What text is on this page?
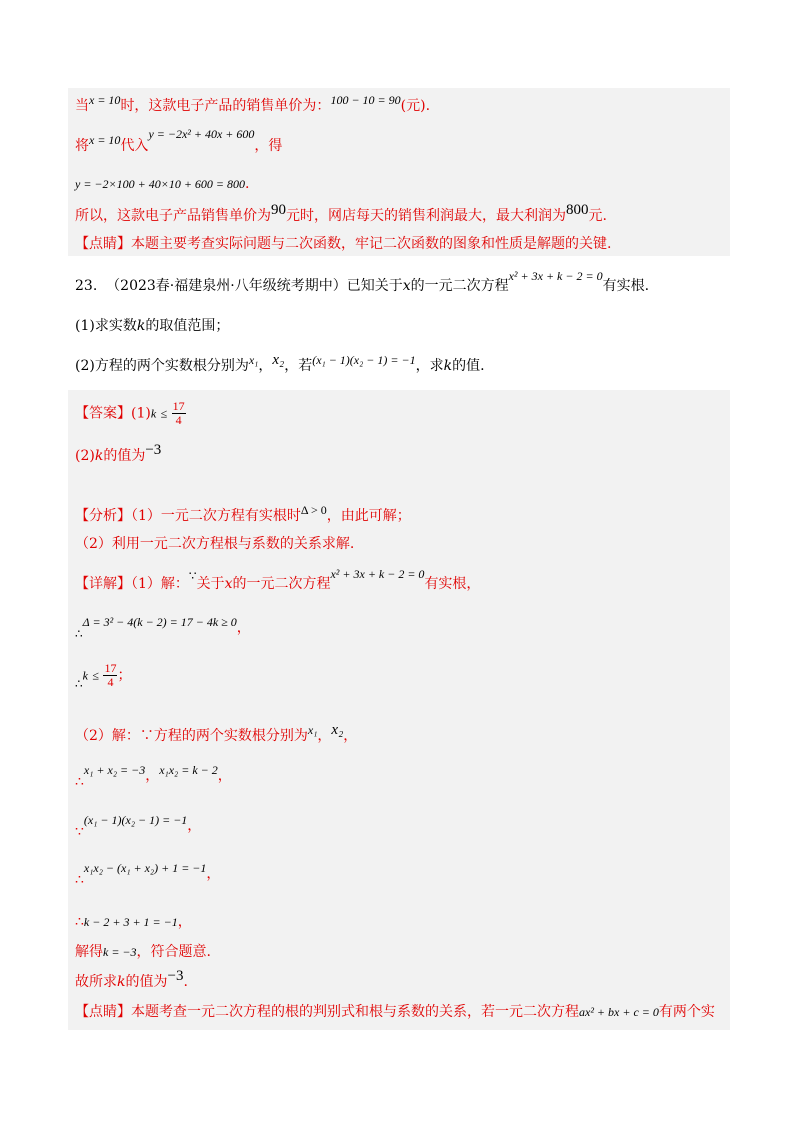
当x = 10时，这款电子产品的销售单价为：100 − 10 = 90(元).
将x = 10代入y = −2x² + 40x + 600，得
y = −2×100 + 40×10 + 600 = 800.
所以，这款电子产品销售单价为90元时，网店每天的销售利润最大，最大利润为800元.
【点睛】本题主要考查实际问题与二次函数，牢记二次函数的图象和性质是解题的关键.
23. （2023春·福建泉州·八年级统考期中）已知关于x的一元二次方程x² + 3x + k − 2 = 0有实根.
(1)求实数k的取值范围；
(2)方程的两个实数根分别为x₁，x₂，若(x₁ − 1)(x₂ − 1) = −1，求k的值.
【答案】$(1)k \le \frac{17}{4}$
(2)k的值为−3
【分析】（1）一元二次方程有实根时Δ > 0，由此可解；
（2）利用一元二次方程根与系数的关系求解.
【详解】（1）解：∵关于x的一元二次方程x² + 3x + k − 2 = 0有实根，
∴Δ = 3² − 4(k − 2) = 17 − 4k ≥ 0，
∴k ≤ $\frac{17}{4}$ ；
（2）解：∵方程的两个实数根分别为x₁，x₂，
∴x₁ + x₂ = −3，x₁x₂ = k − 2，
∵(x₁ − 1)(x₂ − 1) = −1，
∴x₁x₂ − (x₁ + x₂) + 1 = −1，
∴k − 2 + 3 + 1 = −1，
解得k = −3，符合题意.
故所求k的值为−3.
【点睛】本题考查一元二次方程的根的判别式和根与系数的关系，若一元二次方程ax² + bx + c = 0有两个实
